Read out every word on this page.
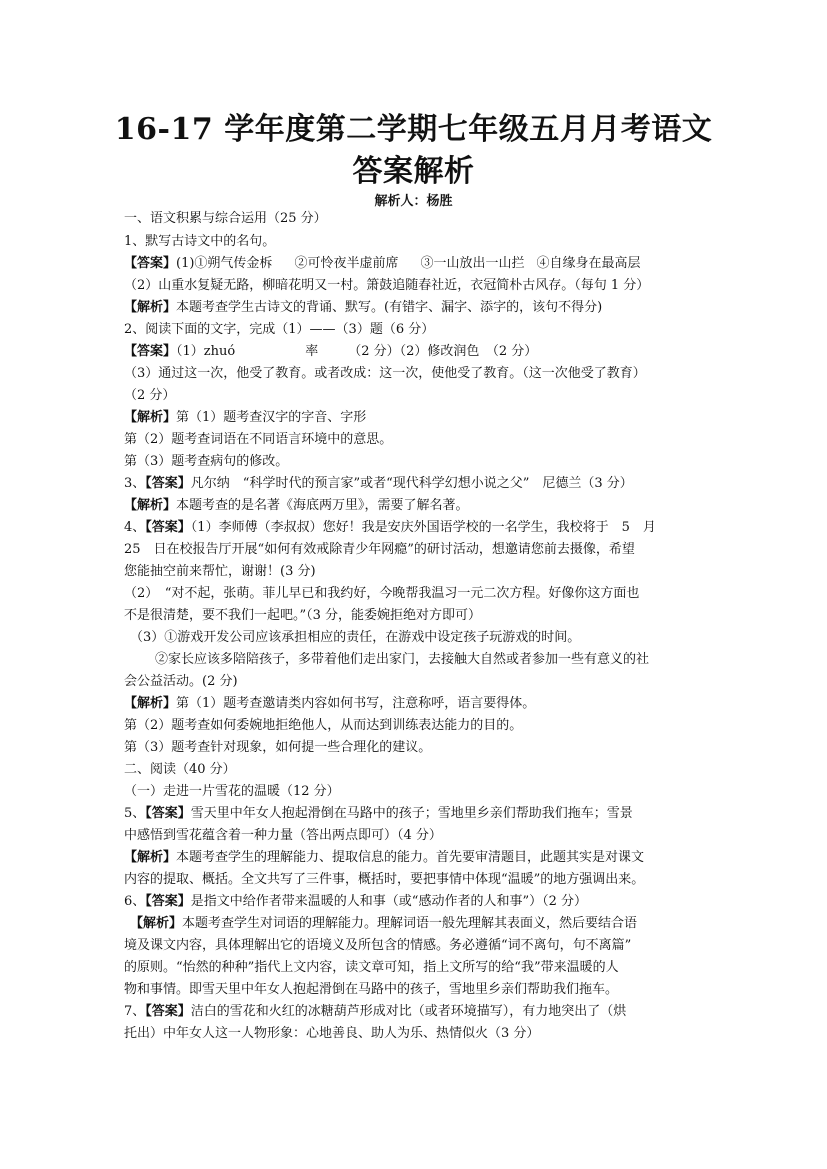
16-17 学年度第二学期七年级五月月考语文
答案解析
解析人：杨胜
一、语文积累与综合运用（25 分）
1、默写古诗文中的名句。
【答案】(1)①朔气传金柝 ②可怜夜半虚前席 ③一山放出一山拦 ④自缘身在最高层
（2）山重水复疑无路，柳暗花明又一村。箫鼓追随春社近，衣冠简朴古风存。（每句 1 分）
【解析】本题考查学生古诗文的背诵、默写。(有错字、漏字、添字的，该句不得分)
2、阅读下面的文字，完成（1）——（3）题（6 分）
【答案】（1）zhuó	率 （2 分）（2）修改润色　（2 分）
（3）通过这一次，他受了教育。或者改成：这一次，使他受了教育。（这一次他受了教育）
（2 分）
【解析】第（1）题考查汉字的字音、字形
第（2）题考查词语在不同语言环境中的意思。
第（3）题考查病句的修改。
3、【答案】凡尔纳　“科学时代的预言家”或者“现代科学幻想小说之父”　尼德兰（3 分）
【解析】本题考查的是名著《海底两万里》，需要了解名著。
4、【答案】（1）李师傅（李叔叔）您好！我是安庆外国语学校的一名学生，我校将于　5　月
25　日在校报告厅开展“如何有效戒除青少年网瘾”的研讨活动，想邀请您前去摄像，希望
您能抽空前来帮忙，谢谢！(3 分)
（2）　“对不起，张萌。菲儿早已和我约好，今晚帮我温习一元二次方程。好像你这方面也
不是很清楚，要不我们一起吧。”（3 分，能委婉拒绝对方即可）
（3）①游戏开发公司应该承担相应的责任，在游戏中设定孩子玩游戏的时间。
②家长应该多陪陪孩子，多带着他们走出家门，去接触大自然或者参加一些有意义的社
会公益活动。(2 分)
【解析】第（1）题考查邀请类内容如何书写，注意称呼，语言要得体。
第（2）题考查如何委婉地拒绝他人，从而达到训练表达能力的目的。
第（3）题考查针对现象，如何提一些合理化的建议。
二、阅读（40 分）
（一）走进一片雪花的温暖（12 分）
5、【答案】雪天里中年女人抱起滑倒在马路中的孩子；雪地里乡亲们帮助我们拖车；雪景
中感悟到雪花蕴含着一种力量（答出两点即可）（4 分）
【解析】本题考查学生的理解能力、提取信息的能力。首先要审清题目，此题其实是对课文
内容的提取、概括。全文共写了三件事，概括时，要把事情中体现“温暖”的地方强调出来。
6、【答案】是指文中给作者带来温暖的人和事（或“感动作者的人和事”）（2 分）
【解析】本题考查学生对词语的理解能力。理解词语一般先理解其表面义，然后要结合语
境及课文内容，具体理解出它的语境义及所包含的情感。务必遵循“词不离句，句不离篇”
的原则。“怡然的种种”指代上文内容，读文章可知，指上文所写的给“我”带来温暖的人
物和事情。即雪天里中年女人抱起滑倒在马路中的孩子，雪地里乡亲们帮助我们拖车。
7、【答案】洁白的雪花和火红的冰糖葫芦形成对比（或者环境描写），有力地突出了（烘
托出）中年女人这一人物形象：心地善良、助人为乐、热情似火（3 分）
